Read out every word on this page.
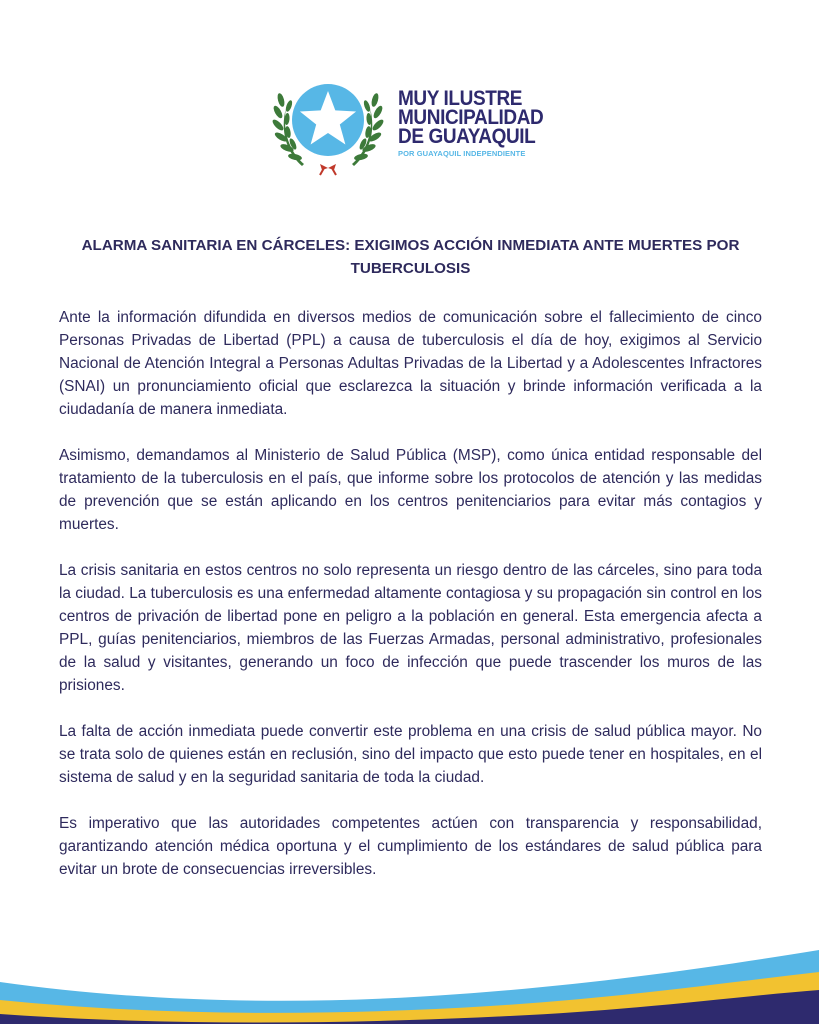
MUY ILUSTRE
MUNICIPALIDAD
DE GUAYAQUIL
POR GUAYAQUIL INDEPENDIENTE
ALARMA SANITARIA EN CÁRCELES: EXIGIMOS ACCIÓN INMEDIATA ANTE MUERTES POR TUBERCULOSIS

Ante la información difundida en diversos medios de comunicación sobre el fallecimiento de cinco Personas Privadas de Libertad (PPL) a causa de tuberculosis el día de hoy, exigimos al Servicio Nacional de Atención Integral a Personas Adultas Privadas de la Libertad y a Adolescentes Infractores (SNAI) un pronunciamiento oficial que esclarezca la situación y brinde información verificada a la ciudadanía de manera inmediata.

Asimismo, demandamos al Ministerio de Salud Pública (MSP), como única entidad responsable del tratamiento de la tuberculosis en el país, que informe sobre los protocolos de atención y las medidas de prevención que se están aplicando en los centros penitenciarios para evitar más contagios y muertes.

La crisis sanitaria en estos centros no solo representa un riesgo dentro de las cárceles, sino para toda la ciudad. La tuberculosis es una enfermedad altamente contagiosa y su propagación sin control en los centros de privación de libertad pone en peligro a la población en general. Esta emergencia afecta a PPL, guías penitenciarios, miembros de las Fuerzas Armadas, personal administrativo, profesionales de la salud y visitantes, generando un foco de infección que puede trascender los muros de las prisiones.

La falta de acción inmediata puede convertir este problema en una crisis de salud pública mayor. No se trata solo de quienes están en reclusión, sino del impacto que esto puede tener en hospitales, en el sistema de salud y en la seguridad sanitaria de toda la ciudad.

Es imperativo que las autoridades competentes actúen con transparencia y responsabilidad, garantizando atención médica oportuna y el cumplimiento de los estándares de salud pública para evitar un brote de consecuencias irreversibles.
